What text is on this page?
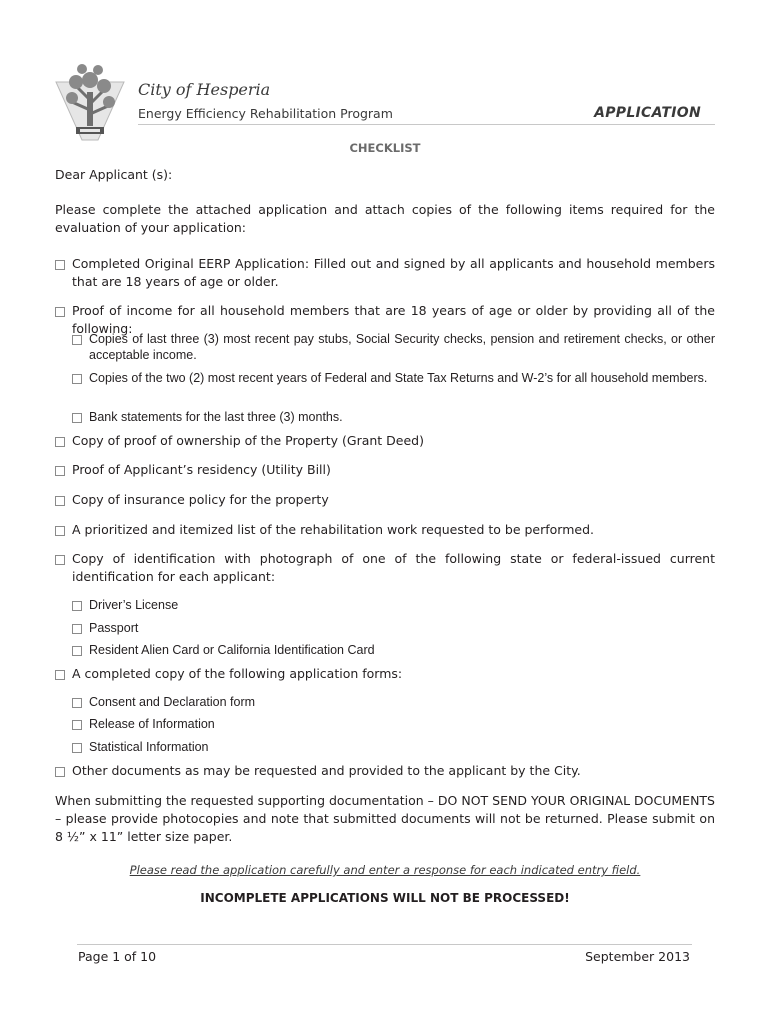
City of Hesperia
Energy Efficiency Rehabilitation Program	APPLICATION
CHECKLIST
Dear Applicant (s):
Please complete the attached application and attach copies of the following items required for the evaluation of your application:
Completed Original EERP Application: Filled out and signed by all applicants and household members that are 18 years of age or older.
Proof of income for all household members that are 18 years of age or older by providing all of the following:
Copies of last three (3) most recent pay stubs, Social Security checks, pension and retirement checks, or other acceptable income.
Copies of the two (2) most recent years of Federal and State Tax Returns and W-2’s for all household members.
Bank statements for the last three (3) months.
Copy of proof of ownership of the Property (Grant Deed)
Proof of Applicant’s residency (Utility Bill)
Copy of insurance policy for the property
A prioritized and itemized list of the rehabilitation work requested to be performed.
Copy of identification with photograph of one of the following state or federal-issued current identification for each applicant:
Driver’s License
Passport
Resident Alien Card or California Identification Card
A completed copy of the following application forms:
Consent and Declaration form
Release of Information
Statistical Information
Other documents as may be requested and provided to the applicant by the City.
When submitting the requested supporting documentation – DO NOT SEND YOUR ORIGINAL DOCUMENTS – please provide photocopies and note that submitted documents will not be returned. Please submit on 8 ½” x 11” letter size paper.
Please read the application carefully and enter a response for each indicated entry field.
INCOMPLETE APPLICATIONS WILL NOT BE PROCESSED!
Page 1 of 10	September 2013
